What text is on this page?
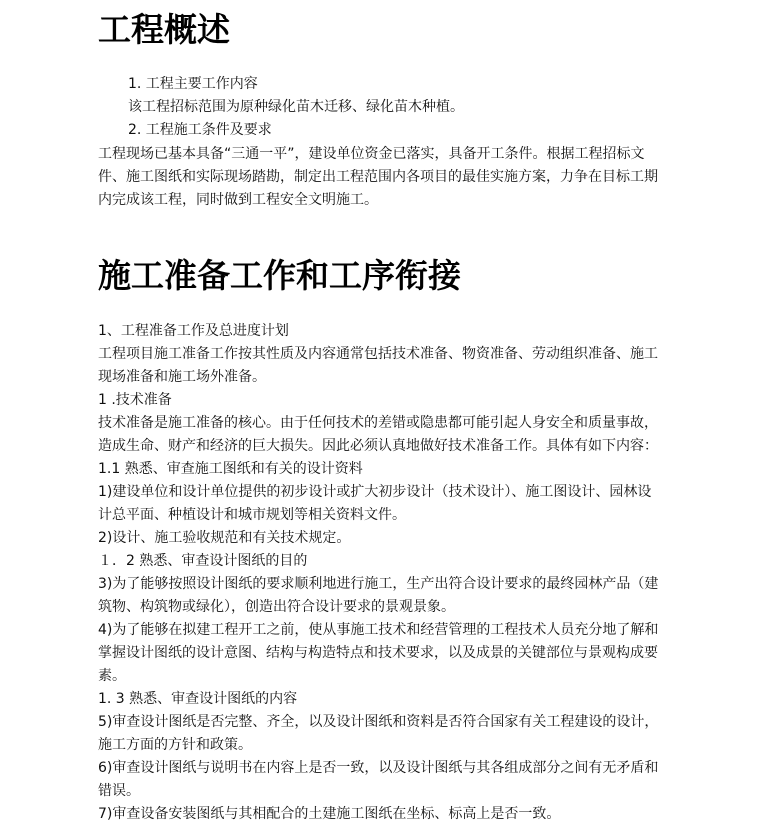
工程概述
1. 工程主要工作内容
该工程招标范围为原种绿化苗木迁移、绿化苗木种植。
2. 工程施工条件及要求
工程现场已基本具备“三通一平”，建设单位资金已落实，具备开工条件。根据工程招标文
件、施工图纸和实际现场踏勘，制定出工程范围内各项目的最佳实施方案，力争在目标工期
内完成该工程，同时做到工程安全文明施工。
施工准备工作和工序衔接
1、工程准备工作及总进度计划
工程项目施工准备工作按其性质及内容通常包括技术准备、物资准备、劳动组织准备、施工
现场准备和施工场外准备。
1 .技术准备
技术准备是施工准备的核心。由于任何技术的差错或隐患都可能引起人身安全和质量事故，
造成生命、财产和经济的巨大损失。因此必须认真地做好技术准备工作。具体有如下内容：
1.1 熟悉、审查施工图纸和有关的设计资料
1)建设单位和设计单位提供的初步设计或扩大初步设计（技术设计）、施工图设计、园林设
计总平面、种植设计和城市规划等相关资料文件。
2)设计、施工验收规范和有关技术规定。
１．2 熟悉、审查设计图纸的目的
3)为了能够按照设计图纸的要求顺利地进行施工，生产出符合设计要求的最终园林产品（建
筑物、构筑物或绿化），创造出符合设计要求的景观景象。
4)为了能够在拟建工程开工之前，使从事施工技术和经营管理的工程技术人员充分地了解和
掌握设计图纸的设计意图、结构与构造特点和技术要求，以及成景的关键部位与景观构成要
素。
1. 3 熟悉、审查设计图纸的内容
5)审查设计图纸是否完整、齐全，以及设计图纸和资料是否符合国家有关工程建设的设计，
施工方面的方针和政策。
6)审查设计图纸与说明书在内容上是否一致，以及设计图纸与其各组成部分之间有无矛盾和
错误。
7)审查设备安装图纸与其相配合的土建施工图纸在坐标、标高上是否一致。
